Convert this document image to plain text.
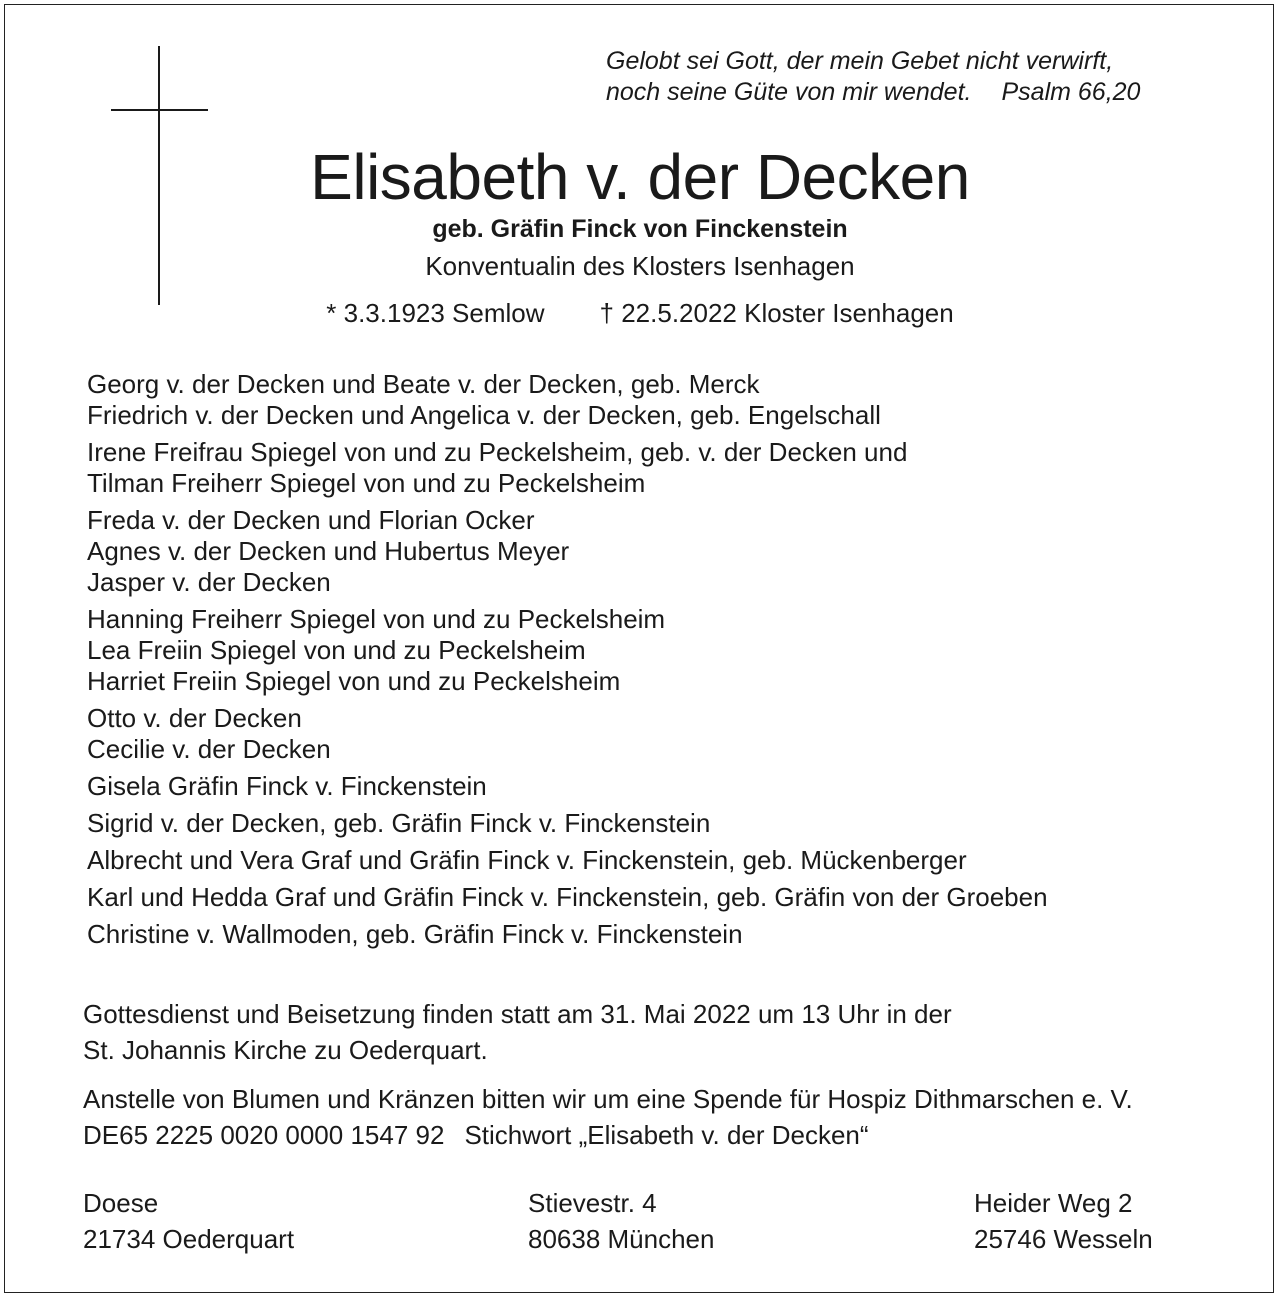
Gelobt sei Gott, der mein Gebet nicht verwirft,
noch seine Güte von mir wendet. Psalm 66,20
Elisabeth v. der Decken
geb. Gräfin Finck von Finckenstein
Konventualin des Klosters Isenhagen
* 3.3.1923 Semlow † 22.5.2022 Kloster Isenhagen
Georg v. der Decken und Beate v. der Decken, geb. Merck
Friedrich v. der Decken und Angelica v. der Decken, geb. Engelschall
Irene Freifrau Spiegel von und zu Peckelsheim, geb. v. der Decken und
Tilman Freiherr Spiegel von und zu Peckelsheim
Freda v. der Decken und Florian Ocker
Agnes v. der Decken und Hubertus Meyer
Jasper v. der Decken
Hanning Freiherr Spiegel von und zu Peckelsheim
Lea Freiin Spiegel von und zu Peckelsheim
Harriet Freiin Spiegel von und zu Peckelsheim
Otto v. der Decken
Cecilie v. der Decken
Gisela Gräfin Finck v. Finckenstein
Sigrid v. der Decken, geb. Gräfin Finck v. Finckenstein
Albrecht und Vera Graf und Gräfin Finck v. Finckenstein, geb. Mückenberger
Karl und Hedda Graf und Gräfin Finck v. Finckenstein, geb. Gräfin von der Groeben
Christine v. Wallmoden, geb. Gräfin Finck v. Finckenstein
Gottesdienst und Beisetzung finden statt am 31. Mai 2022 um 13 Uhr in der
St. Johannis Kirche zu Oederquart.
Anstelle von Blumen und Kränzen bitten wir um eine Spende für Hospiz Dithmarschen e. V.
DE65 2225 0020 0000 1547 92 Stichwort „Elisabeth v. der Decken“
Doese
21734 Oederquart
Stievestr. 4
80638 München
Heider Weg 2
25746 Wesseln
